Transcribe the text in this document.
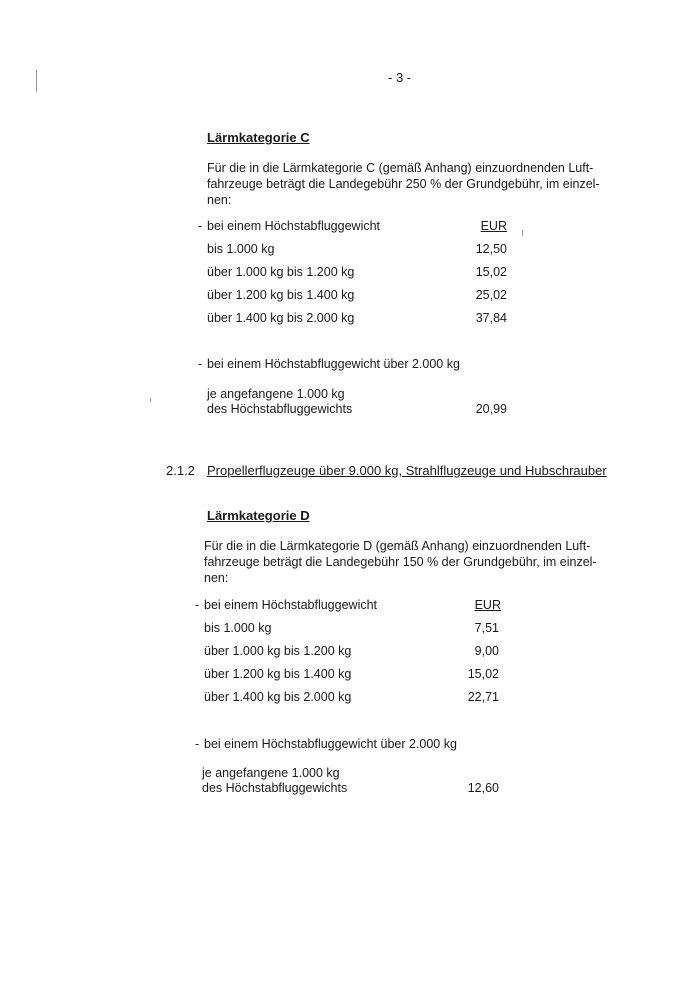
- 3 -
Lärmkategorie C
Für die in die Lärmkategorie C (gemäß Anhang) einzuordnenden Luft-
fahrzeuge beträgt die Landegebühr 250 % der Grundgebühr, im einzel-
nen:
- bei einem Höchstabfluggewicht	EUR
bis 1.000 kg	12,50
über 1.000 kg bis 1.200 kg	15,02
über 1.200 kg bis 1.400 kg	25,02
über 1.400 kg bis 2.000 kg	37,84
- bei einem Höchstabfluggewicht über 2.000 kg
je angefangene 1.000 kg
des Höchstabfluggewichts	20,99
2.1.2 Propellerflugzeuge über 9.000 kg, Strahlflugzeuge und Hubschrauber
Lärmkategorie D
Für die in die Lärmkategorie D (gemäß Anhang) einzuordnenden Luft-
fahrzeuge beträgt die Landegebühr 150 % der Grundgebühr, im einzel-
nen:
- bei einem Höchstabfluggewicht	EUR
bis 1.000 kg	7,51
über 1.000 kg bis 1.200 kg	9,00
über 1.200 kg bis 1.400 kg	15,02
über 1.400 kg bis 2.000 kg	22,71
- bei einem Höchstabfluggewicht über 2.000 kg
je angefangene 1.000 kg
des Höchstabfluggewichts	12,60
